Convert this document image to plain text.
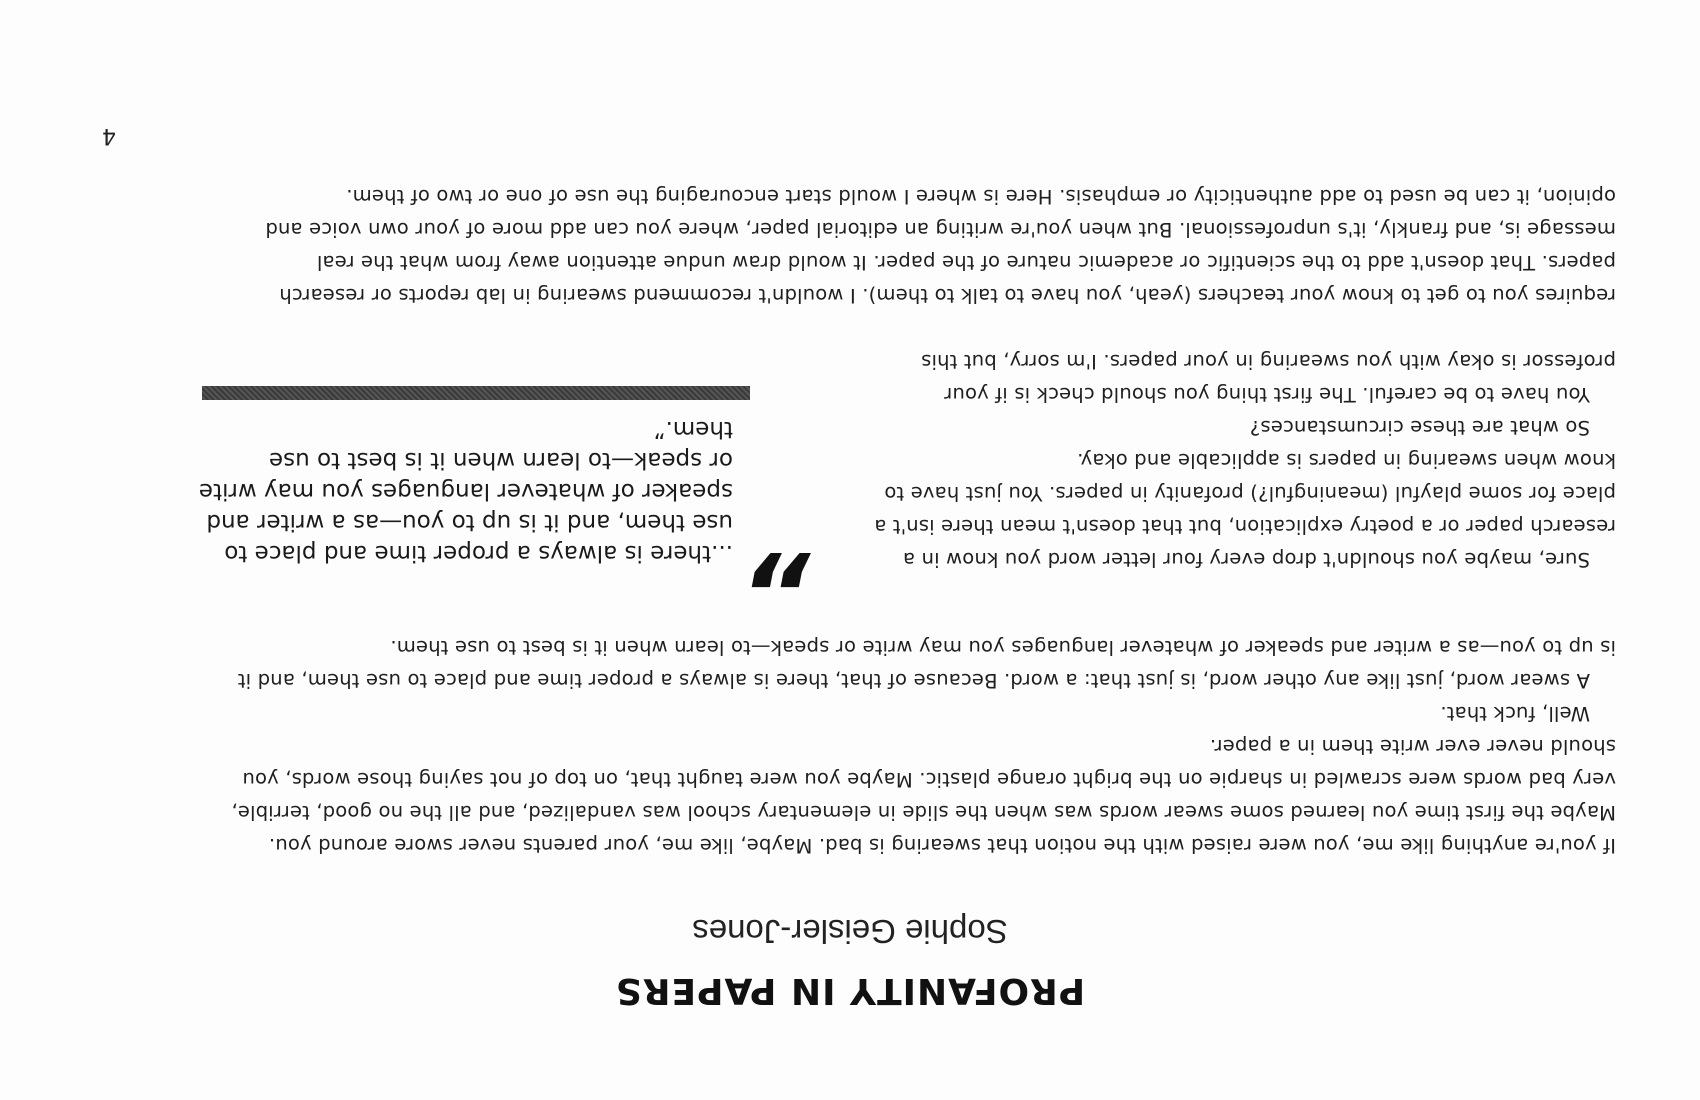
PROFANITY IN PAPERS
Sophie Geisler-Jones

If you're anything like me, you were raised with the notion that swearing is bad. Maybe, like me, your parents never swore around you. Maybe the first time you learned some swear words was when the slide in elementary school was vandalized, and all the no good, terrible, very bad words were scrawled in sharpie on the bright orange plastic. Maybe you were taught that, on top of not saying those words, you should never ever write them in a paper.

Well, fuck that.

A swear word, just like any other word, is just that: a word. Because of that, there is always a proper time and place to use them, and it is up to you—as a writer and speaker of whatever languages you may write or speak—to learn when it is best to use them.

Sure, maybe you shouldn't drop every four letter word you know in a research paper or a poetry explication, but that doesn't mean there isn't a place for some playful (meaningful?) profanity in papers. You just have to know when swearing in papers is applicable and okay.

So what are these circumstances?

You have to be careful. The first thing you should check is if your professor is okay with you swearing in your papers. I'm sorry, but this

”
...there is always a proper time and place to use them, and it is up to you—as a writer and speaker of whatever languages you may write or speak—to learn when it is best to use them.”

requires you to get to know your teachers (yeah, you have to talk to them). I wouldn't recommend swearing in lab reports or research papers. That doesn't add to the scientific or academic nature of the paper. It would draw undue attention away from what the real message is, and frankly, it's unprofessional. But when you're writing an editorial paper, where you can add more of your own voice and opinion, it can be used to add authenticity or emphasis. Here is where I would start encouraging the use of one or two of them.

4
